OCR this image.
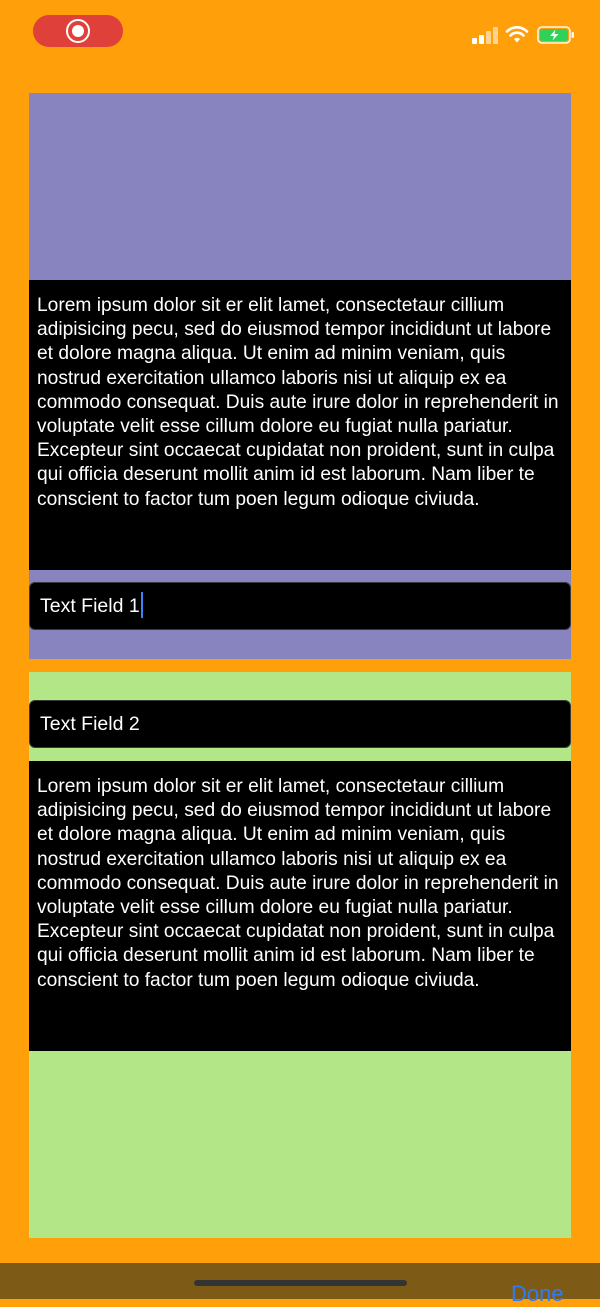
Lorem ipsum dolor sit er elit lamet, consectetaur cillium adipisicing pecu, sed do eiusmod tempor incididunt ut labore et dolore magna aliqua. Ut enim ad minim veniam, quis nostrud exercitation ullamco laboris nisi ut aliquip ex ea commodo consequat. Duis aute irure dolor in reprehenderit in voluptate velit esse cillum dolore eu fugiat nulla pariatur. Excepteur sint occaecat cupidatat non proident, sunt in culpa qui officia deserunt mollit anim id est laborum. Nam liber te conscient to factor tum poen legum odioque civiuda.
Text Field 1
Text Field 2
Lorem ipsum dolor sit er elit lamet, consectetaur cillium adipisicing pecu, sed do eiusmod tempor incididunt ut labore et dolore magna aliqua. Ut enim ad minim veniam, quis nostrud exercitation ullamco laboris nisi ut aliquip ex ea commodo consequat. Duis aute irure dolor in reprehenderit in voluptate velit esse cillum dolore eu fugiat nulla pariatur. Excepteur sint occaecat cupidatat non proident, sunt in culpa qui officia deserunt mollit anim id est laborum. Nam liber te conscient to factor tum poen legum odioque civiuda.
Done
